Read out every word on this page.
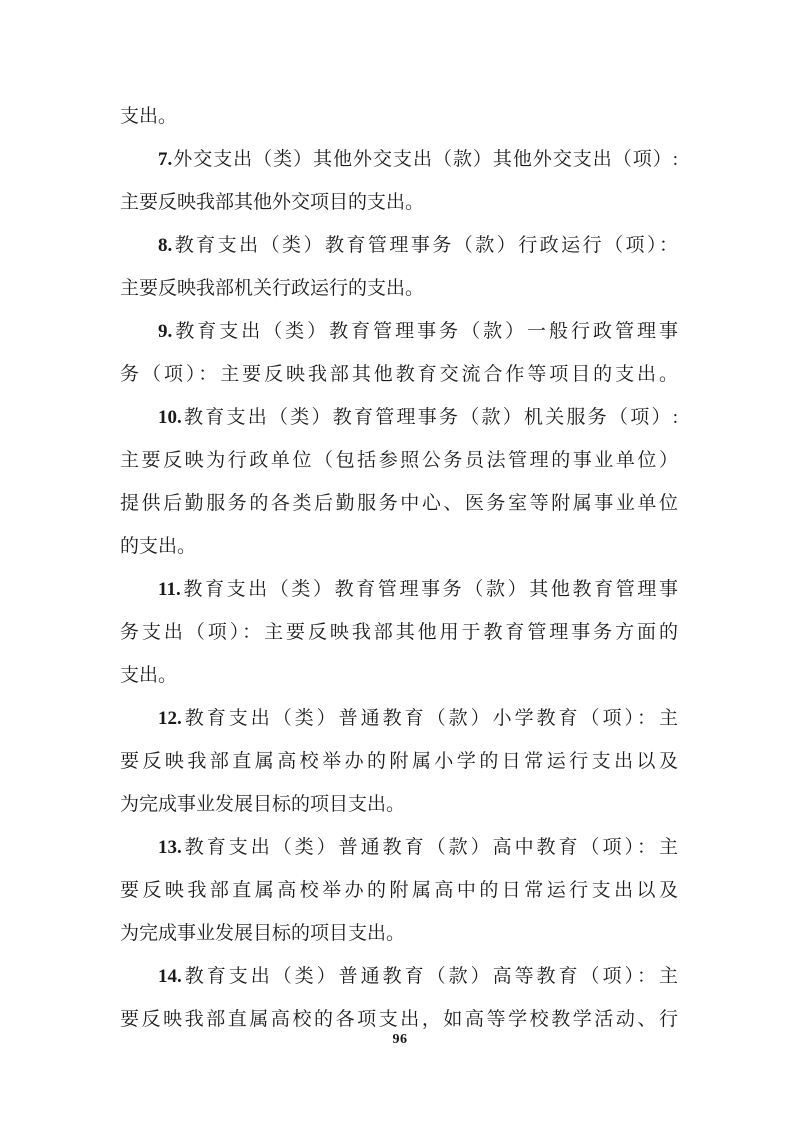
支出。
7.外交支出（类）其他外交支出（款）其他外交支出（项）:
主要反映我部其他外交项目的支出。
8.教育支出（类）教育管理事务（款）行政运行（项）：
主要反映我部机关行政运行的支出。
9.教育支出（类）教育管理事务（款）一般行政管理事
务（项）：主要反映我部其他教育交流合作等项目的支出。
10.教育支出（类）教育管理事务（款）机关服务（项）:
主要反映为行政单位（包括参照公务员法管理的事业单位）
提供后勤服务的各类后勤服务中心、医务室等附属事业单位
的支出。
11.教育支出（类）教育管理事务（款）其他教育管理事
务支出（项）：主要反映我部其他用于教育管理事务方面的
支出。
12.教育支出（类）普通教育（款）小学教育（项）：主
要反映我部直属高校举办的附属小学的日常运行支出以及
为完成事业发展目标的项目支出。
13.教育支出（类）普通教育（款）高中教育（项）：主
要反映我部直属高校举办的附属高中的日常运行支出以及
为完成事业发展目标的项目支出。
14.教育支出（类）普通教育（款）高等教育（项）：主
要反映我部直属高校的各项支出，如高等学校教学活动、行
96
